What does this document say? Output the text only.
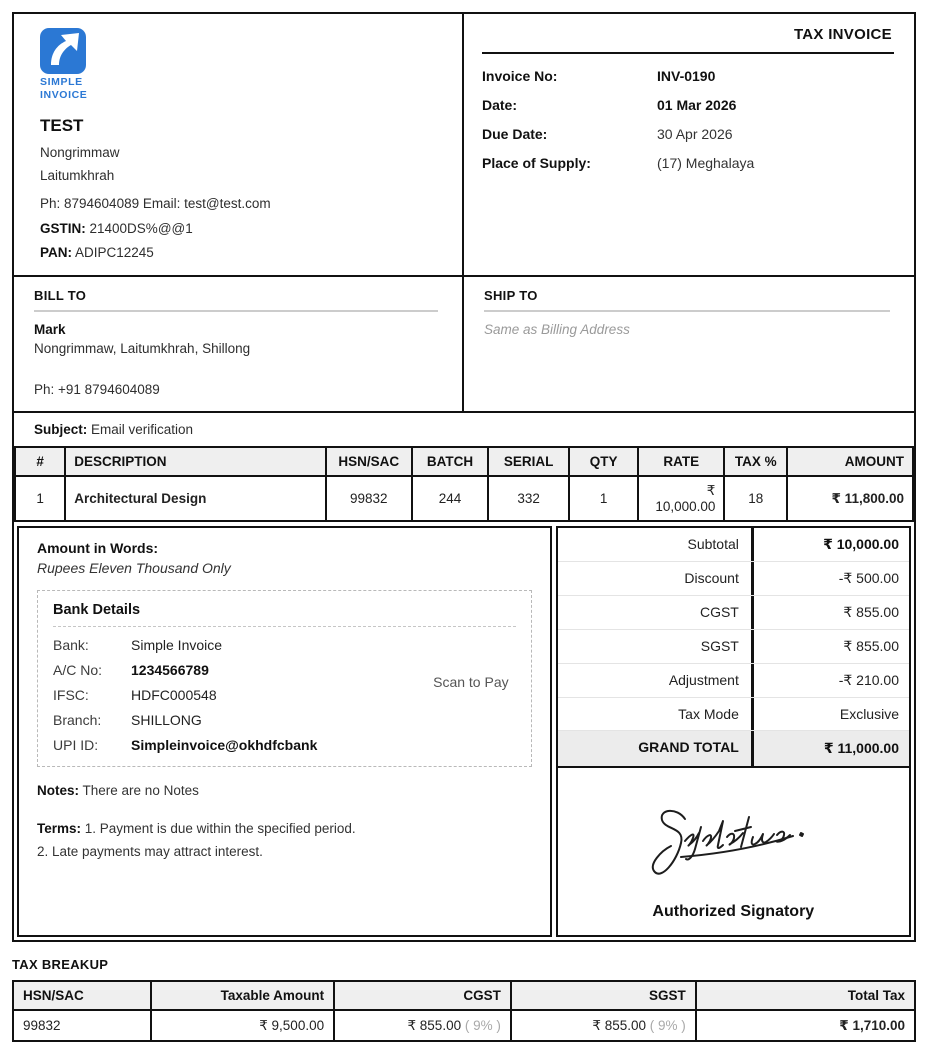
SIMPLE
INVOICE
TEST
Nongrimmaw
Laitumkhrah
Ph: 8794604089 Email: test@test.com
GSTIN: 21400DS%@@1
PAN: ADIPC12245
TAX INVOICE
Invoice No:	INV-0190
Date:	01 Mar 2026
Due Date:	30 Apr 2026
Place of Supply:	(17) Meghalaya
BILL TO
Mark
Nongrimmaw, Laitumkhrah, Shillong
Ph: +91 8794604089
SHIP TO
Same as Billing Address
Subject: Email verification
#	DESCRIPTION	HSN/SAC	BATCH	SERIAL	QTY	RATE	TAX %	AMOUNT
1	Architectural Design	99832	244	332	1	₹ 10,000.00	18	₹ 11,800.00
Amount in Words:
Rupees Eleven Thousand Only
Bank Details
Bank:	Simple Invoice
A/C No:	1234566789
IFSC:	HDFC000548
Branch:	SHILLONG
UPI ID:	Simpleinvoice@okhdfcbank
Scan to Pay
Notes: There are no Notes
Terms: 1. Payment is due within the specified period.
2. Late payments may attract interest.
Subtotal	₹ 10,000.00
Discount	-₹ 500.00
CGST	₹ 855.00
SGST	₹ 855.00
Adjustment	-₹ 210.00
Tax Mode	Exclusive
GRAND TOTAL	₹ 11,000.00
Authorized Signatory
TAX BREAKUP
HSN/SAC	Taxable Amount	CGST	SGST	Total Tax
99832	₹ 9,500.00	₹ 855.00 ( 9% )	₹ 855.00 ( 9% )	₹ 1,710.00
